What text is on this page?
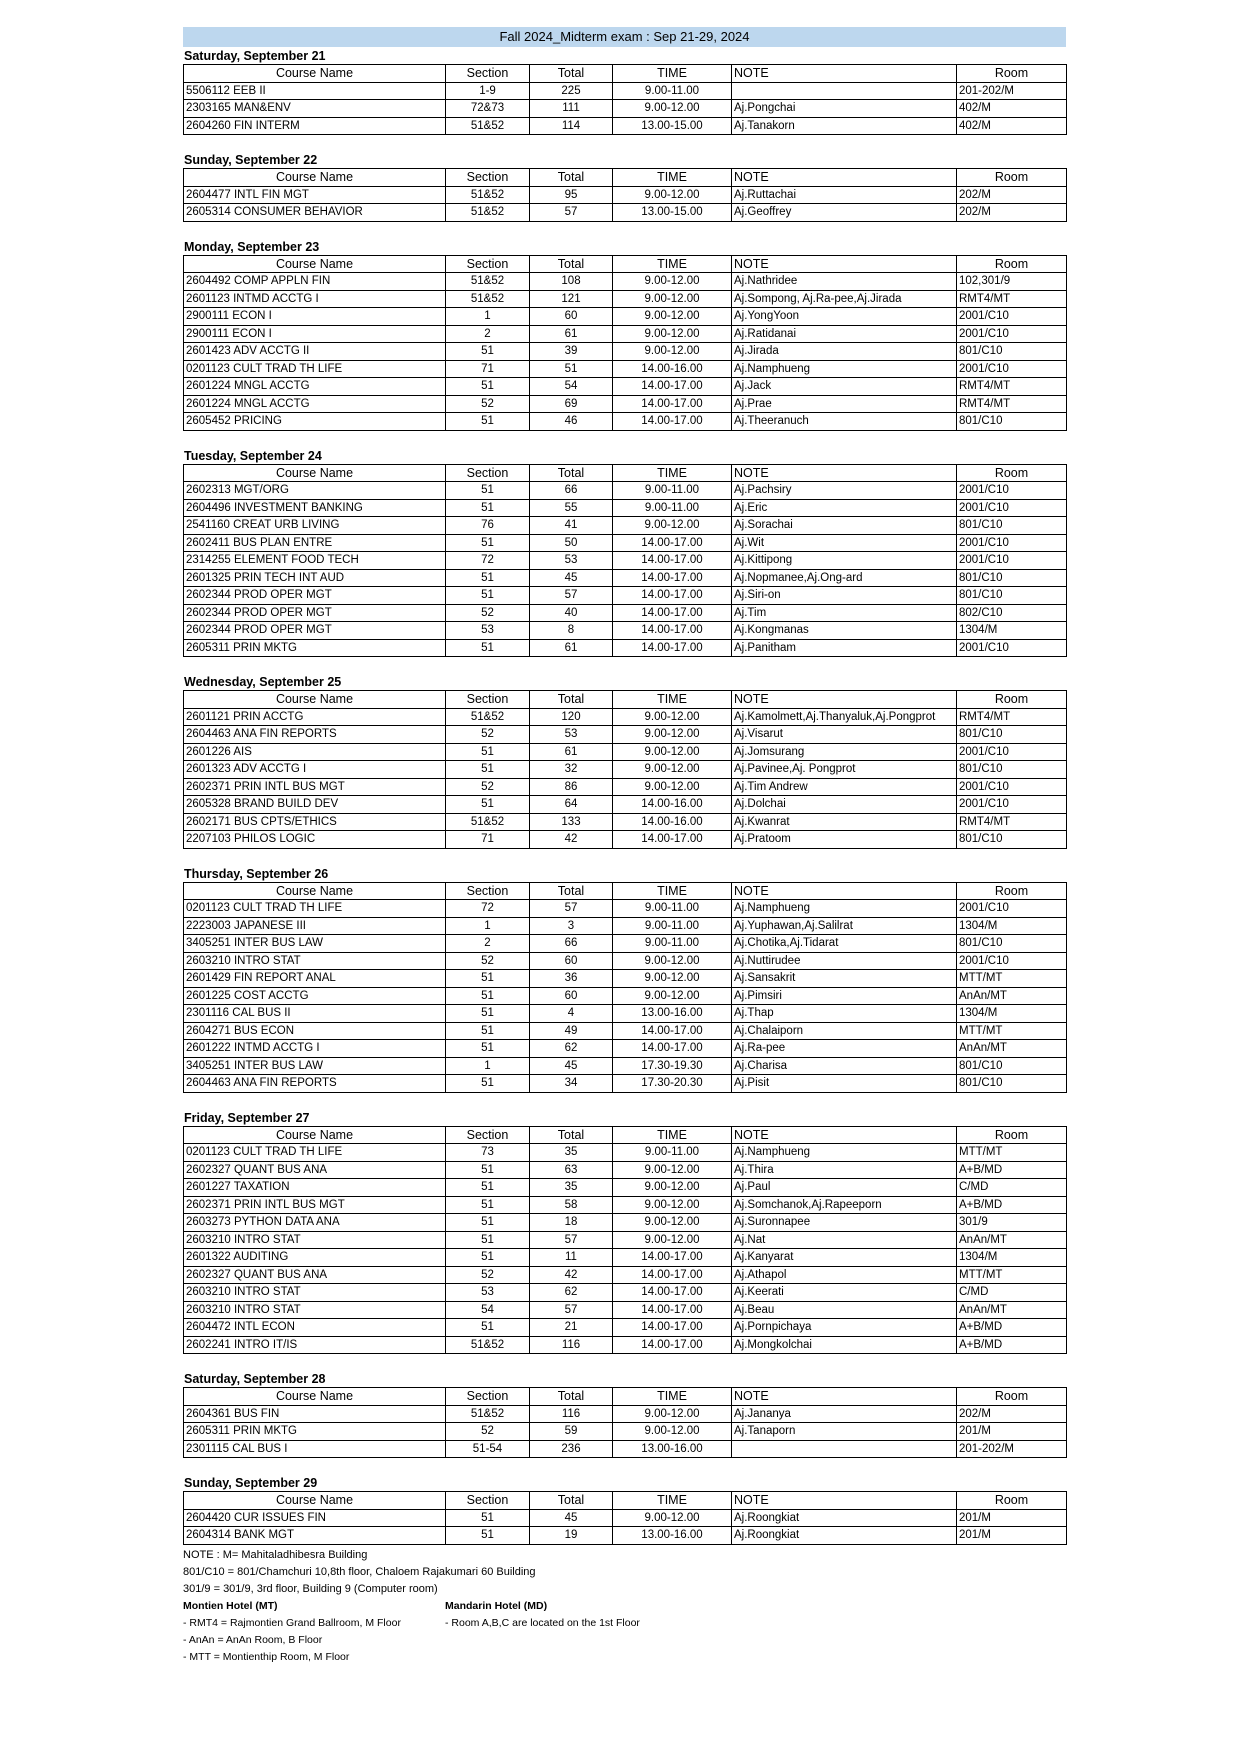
Fall 2024_Midterm exam : Sep 21-29, 2024
Saturday, September 21
Course Name	Section	Total	TIME	NOTE	Room
5506112 EEB II	1-9	225	9.00-11.00		201-202/M
2303165 MAN&ENV	72&73	111	9.00-12.00	Aj.Pongchai	402/M
2604260 FIN INTERM	51&52	114	13.00-15.00	Aj.Tanakorn	402/M
Sunday, September 22
Course Name	Section	Total	TIME	NOTE	Room
2604477 INTL FIN MGT	51&52	95	9.00-12.00	Aj.Ruttachai	202/M
2605314 CONSUMER BEHAVIOR	51&52	57	13.00-15.00	Aj.Geoffrey	202/M
Monday, September 23
Course Name	Section	Total	TIME	NOTE	Room
2604492 COMP APPLN FIN	51&52	108	9.00-12.00	Aj.Nathridee	102,301/9
2601123 INTMD ACCTG I	51&52	121	9.00-12.00	Aj.Sompong, Aj.Ra-pee,Aj.Jirada	RMT4/MT
2900111 ECON I	1	60	9.00-12.00	Aj.YongYoon	2001/C10
2900111 ECON I	2	61	9.00-12.00	Aj.Ratidanai	2001/C10
2601423 ADV ACCTG II	51	39	9.00-12.00	Aj.Jirada	801/C10
0201123 CULT TRAD TH LIFE	71	51	14.00-16.00	Aj.Namphueng	2001/C10
2601224 MNGL ACCTG	51	54	14.00-17.00	Aj.Jack	RMT4/MT
2601224 MNGL ACCTG	52	69	14.00-17.00	Aj.Prae	RMT4/MT
2605452 PRICING	51	46	14.00-17.00	Aj.Theeranuch	801/C10
Tuesday, September 24
Course Name	Section	Total	TIME	NOTE	Room
2602313 MGT/ORG	51	66	9.00-11.00	Aj.Pachsiry	2001/C10
2604496 INVESTMENT BANKING	51	55	9.00-11.00	Aj.Eric	2001/C10
2541160 CREAT URB LIVING	76	41	9.00-12.00	Aj.Sorachai	801/C10
2602411 BUS PLAN ENTRE	51	50	14.00-17.00	Aj.Wit	2001/C10
2314255 ELEMENT FOOD TECH	72	53	14.00-17.00	Aj.Kittipong	2001/C10
2601325 PRIN TECH INT AUD	51	45	14.00-17.00	Aj.Nopmanee,Aj.Ong-ard	801/C10
2602344 PROD OPER MGT	51	57	14.00-17.00	Aj.Siri-on	801/C10
2602344 PROD OPER MGT	52	40	14.00-17.00	Aj.Tim	802/C10
2602344 PROD OPER MGT	53	8	14.00-17.00	Aj.Kongmanas	1304/M
2605311 PRIN MKTG	51	61	14.00-17.00	Aj.Panitham	2001/C10
Wednesday, September 25
Course Name	Section	Total	TIME	NOTE	Room
2601121 PRIN ACCTG	51&52	120	9.00-12.00	Aj.Kamolmett,Aj.Thanyaluk,Aj.Pongprot	RMT4/MT
2604463 ANA FIN REPORTS	52	53	9.00-12.00	Aj.Visarut	801/C10
2601226 AIS	51	61	9.00-12.00	Aj.Jomsurang	2001/C10
2601323 ADV ACCTG I	51	32	9.00-12.00	Aj.Pavinee,Aj. Pongprot	801/C10
2602371 PRIN INTL BUS MGT	52	86	9.00-12.00	Aj.Tim Andrew	2001/C10
2605328 BRAND BUILD DEV	51	64	14.00-16.00	Aj.Dolchai	2001/C10
2602171 BUS CPTS/ETHICS	51&52	133	14.00-16.00	Aj.Kwanrat	RMT4/MT
2207103 PHILOS LOGIC	71	42	14.00-17.00	Aj.Pratoom	801/C10
Thursday, September 26
Course Name	Section	Total	TIME	NOTE	Room
0201123 CULT TRAD TH LIFE	72	57	9.00-11.00	Aj.Namphueng	2001/C10
2223003 JAPANESE III	1	3	9.00-11.00	Aj.Yuphawan,Aj.Salilrat	1304/M
3405251 INTER BUS LAW	2	66	9.00-11.00	Aj.Chotika,Aj.Tidarat	801/C10
2603210 INTRO STAT	52	60	9.00-12.00	Aj.Nuttirudee	2001/C10
2601429 FIN REPORT ANAL	51	36	9.00-12.00	Aj.Sansakrit	MTT/MT
2601225 COST ACCTG	51	60	9.00-12.00	Aj.Pimsiri	AnAn/MT
2301116 CAL BUS II	51	4	13.00-16.00	Aj.Thap	1304/M
2604271 BUS ECON	51	49	14.00-17.00	Aj.Chalaiporn	MTT/MT
2601222 INTMD ACCTG I	51	62	14.00-17.00	Aj.Ra-pee	AnAn/MT
3405251 INTER BUS LAW	1	45	17.30-19.30	Aj.Charisa	801/C10
2604463 ANA FIN REPORTS	51	34	17.30-20.30	Aj.Pisit	801/C10
Friday, September 27
Course Name	Section	Total	TIME	NOTE	Room
0201123 CULT TRAD TH LIFE	73	35	9.00-11.00	Aj.Namphueng	MTT/MT
2602327 QUANT BUS ANA	51	63	9.00-12.00	Aj.Thira	A+B/MD
2601227 TAXATION	51	35	9.00-12.00	Aj.Paul	C/MD
2602371 PRIN INTL BUS MGT	51	58	9.00-12.00	Aj.Somchanok,Aj.Rapeeporn	A+B/MD
2603273 PYTHON DATA ANA	51	18	9.00-12.00	Aj.Suronnapee	301/9
2603210 INTRO STAT	51	57	9.00-12.00	Aj.Nat	AnAn/MT
2601322 AUDITING	51	11	14.00-17.00	Aj.Kanyarat	1304/M
2602327 QUANT BUS ANA	52	42	14.00-17.00	Aj.Athapol	MTT/MT
2603210 INTRO STAT	53	62	14.00-17.00	Aj.Keerati	C/MD
2603210 INTRO STAT	54	57	14.00-17.00	Aj.Beau	AnAn/MT
2604472 INTL ECON	51	21	14.00-17.00	Aj.Pornpichaya	A+B/MD
2602241 INTRO IT/IS	51&52	116	14.00-17.00	Aj.Mongkolchai	A+B/MD
Saturday, September 28
Course Name	Section	Total	TIME	NOTE	Room
2604361 BUS FIN	51&52	116	9.00-12.00	Aj.Jananya	202/M
2605311 PRIN MKTG	52	59	9.00-12.00	Aj.Tanaporn	201/M
2301115 CAL BUS I	51-54	236	13.00-16.00		201-202/M
Sunday, September 29
Course Name	Section	Total	TIME	NOTE	Room
2604420 CUR ISSUES FIN	51	45	9.00-12.00	Aj.Roongkiat	201/M
2604314 BANK MGT	51	19	13.00-16.00	Aj.Roongkiat	201/M
NOTE : M= Mahitaladhibesra Building
801/C10 = 801/Chamchuri 10,8th floor, Chaloem Rajakumari 60 Building
301/9 = 301/9, 3rd floor, Building 9 (Computer room)
Montien Hotel (MT)
- RMT4 = Rajmontien Grand Ballroom, M Floor
- AnAn = AnAn Room, B Floor
- MTT = Montienthip Room, M Floor
Mandarin Hotel (MD)
- Room A,B,C are located on the 1st Floor
